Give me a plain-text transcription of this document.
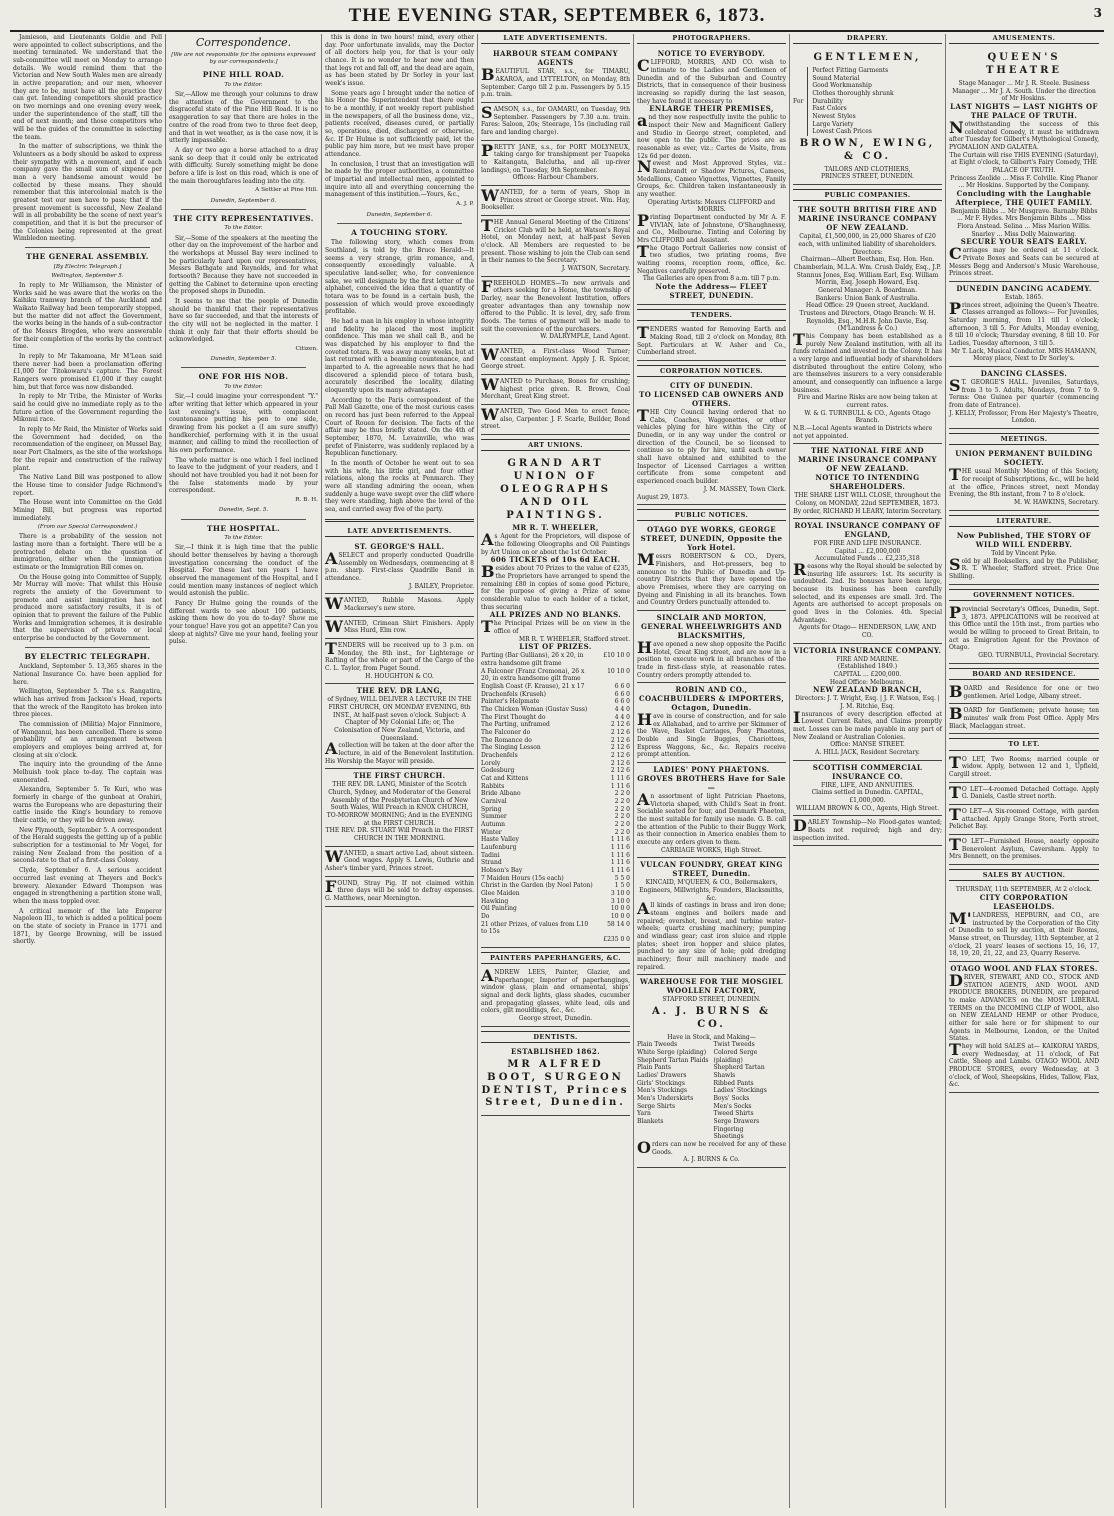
THE EVENING STAR, SEPTEMBER 6, 1873.	3

Jamieson, and Lieutenants Goldie and Pell were appointed to collect subscriptions, and the meeting terminated. We understand that the sub-committee will meet on Monday to arrange details. We would remind them that the Victorian and New South Wales men are already in active preparation; and our men, whoever they are to be, must have all the practice they can get. Intending competitors should practice on two mornings and one evening every week, under the superintendence of the staff, till the end of next month; and those competitors who will be the guides of the committee in selecting the team.

In the matter of subscriptions, we think the Volunteers as a body should be asked to express their sympathy with a movement, and if each company gave the small sum of sixpence per man a very handsome amount would be collected by these means. They should remember that this intercolonial match is the greatest test our men have to pass; that if the present movement is successful, New Zealand will in all probability be the scene of next year's competition, and that it is but the precursor of the Colonies being represented at the great Wimbledon meeting.

THE GENERAL ASSEMBLY.
[By Electric Telegraph.]
Wellington, September 5.

In reply to Mr Williamson, the Minister of Works said he was aware that the works on the Kaihiku tramway branch of the Auckland and Waikato Railway had been temporarily stopped, but the matter did not affect the Government, the works being in the hands of a sub-contractor of the Messrs Brogden, who were answerable for their completion of the works by the contract time.

In reply to Mr Takamoana, Mr M'Lean said there never had been a proclamation offering £1,000 for Titokowaru's capture. The Forest Rangers were promised £1,000 if they caught him, but that force was now disbanded.

In reply to Mr Tribe, the Minister of Works said he could give no immediate reply as to the future action of the Government regarding the Mikonui race.

In reply to Mr Reid, the Minister of Works said the Government had decided, on the recommendation of the engineer, on Mussel Bay, near Port Chalmers, as the site of the workshops for the repair and construction of the railway plant.

The Native Land Bill was postponed to allow the House time to consider Judge Richmond's report.

The House went into Committee on the Gold Mining Bill, but progress was reported immediately.

(From our Special Correspondent.)

There is a probability of the session not lasting more than a fortnight. There will be a protracted debate on the question of immigration, either when the immigration estimate or the Immigration Bill comes on.

On the House going into Committee of Supply, Mr Murray will move: That whilst this House regrets the anxiety of the Government to promote and assist immigration has not produced more satisfactory results, it is of opinion that to prevent the failure of the Public Works and Immigration schemes, it is desirable that the supervision of private or local enterprise be conducted by the Government.

BY ELECTRIC TELEGRAPH.

Auckland, September 5. 13,365 shares in the National Insurance Co. have been applied for here.

Wellington, September 5. The s.s. Rangatira, which has arrived from Jackson's Head, reports that the wreck of the Rangitoto has broken into three pieces.

The commission of (Militia) Major Finnimore, of Wanganui, has been cancelled. There is some probability of an arrangement between employers and employes being arrived at, for closing at six o'clock.

The inquiry into the grounding of the Anne Melhuish took place to-day. The captain was exonerated.

Alexandra, September 5. Te Kuri, who was formerly in charge of the gunboat at Orahiri, warns the Europeans who are depasturing their cattle inside the King's boundary to remove their cattle, or they will be driven away.

New Plymouth, September 5. A correspondent of the Herald suggests the getting up of a public subscription for a testimonial to Mr Vogel, for raising New Zealand from the position of a second-rate to that of a first-class Colony.

Clyde, September 6. A serious accident occurred last evening at Theyers and Bock's brewery. Alexander Edward Thompson was engaged in strengthening a partition stone wall, when the mass toppled over.

A critical memoir of the late Emperor Napoleon III., to which is added a political poem on the state of society in France in 1771 and 1871, by George Browning, will be issued shortly.

Correspondence.
[We are not responsible for the opinions expressed by our correspondents.]
PINE HILL ROAD.
To the Editor.

Sir,—Allow me through your columns to draw the attention of the Government to the disgraceful state of the Pine Hill Road. It is no exaggeration to say that there are holes in the centre of the road from two to three feet deep, and that in wet weather, as is the case now, it is utterly impassable.

A day or two ago a horse attached to a dray sank so deep that it could only be extricated with difficulty. Surely something might be done before a life is lost on this road, which is one of the main thoroughfares leading into the city.

A Settler at Pine Hill.
Dunedin, September 6.
THE CITY REPRESENTATIVES.
To the Editor.

Sir,—Some of the speakers at the meeting the other day on the improvement of the harbor and the workshops at Mussel Bay were inclined to be particularly hard upon our representatives, Messrs Bathgate and Reynolds, and for what fortsooth? Because they have not succeeded in getting the Cabinet to determine upon erecting the proposed shops in Dunedin.

It seems to me that the people of Dunedin should be thankful that their representatives have so far succeeded, and that the interests of the city will not be neglected in the matter. I think it only fair that their efforts should be acknowledged.

Citizen.
Dunedin, September 5.
ONE FOR HIS NOB.
To the Editor.

Sir,—I could imagine your correspondent "Y." after writing that letter which appeared in your last evening's issue, with complacent countenance putting his pen to one side, drawing from his pocket a (I am sure snuffy) handkerchief, performing with it in the usual manner, and calling to mind the recollection of his own performance.

The whole matter is one which I feel inclined to leave to the judgment of your readers, and I should not have troubled you had it not been for the false statements made by your correspondent.

R. B. H.
Dunedin, Sept. 5.
THE HOSPITAL.
To the Editor.

Sir,—I think it is high time that the public should better themselves by having a thorough investigation concerning the conduct of the Hospital. For these last ten years I have observed the management of the Hospital, and I could mention many instances of neglect which would astonish the public.

Fancy Dr Hulme going the rounds of the different wards to see about 100 patients, asking them how do you do to-day? Show me your tongue! Have you got an appetite? Can you sleep at nights? Give me your hand, feeling your pulse.

this is done in two hours! mind, every other day. Poor unfortunate invalids, may the Doctor of all doctors help you, for that is your only chance. It is no wonder to hear now and then that legs rot and fall off, and the dead are again, as has been stated by Dr Sorley in your last week's issue.

Some years ago I brought under the notice of his Honor the Superintendent that there ought to be a monthly, if not weekly report published in the newspapers, of all the business done, viz., patients received, diseases cured, or partially so, operations, died, discharged or otherwise, &c. If Dr Hulme is not sufficiently paid, let the public pay him more, but we must have proper attendance.

In conclusion, I trust that an investigation will be made by the proper authorities, a committee of impartial and intellectual men, appointed to inquire into all and everything concerning the management of this institution.—Yours, &c.,

A. J. P.
Dunedin, September 6.
A TOUCHING STORY.

The following story, which comes from Southland, is told by the Bruce Herald:—It seems a very strange, grim romance, and, consequently exceedingly valuable. A speculative land-seller, who, for convenience sake, we will designate by the first letter of the alphabet, conceived the idea that a quantity of totara was to be found in a certain bush, the possession of which would prove exceedingly profitable.

He had a man in his employ in whose integrity and fidelity he placed the most implicit confidence. This man we shall call B., and he was dispatched by his employer to find the coveted totara. B. was away many weeks, but at last returned with a beaming countenance, and imparted to A. the agreeable news that he had discovered a splendid piece of totara bush, accurately described the locality, dilating eloquently upon its many advantages.

According to the Paris correspondent of the Pall Mall Gazette, one of the most curious cases on record has just been referred to the Appeal Court of Rouen for decision. The facts of the affair may be thus briefly stated. On the 4th of September, 1870, M. Levainville, who was prefet of Finisterre, was suddenly replaced by a Republican functionary.

In the month of October he went out to sea with his wife, his little girl, and four other relations, along the rocks at Penmarch. They were all standing admiring the ocean, when suddenly a huge wave swept over the cliff where they were standing, high above the level of the sea, and carried away five of the party.

LATE ADVERTISEMENTS.
ST. GEORGE'S HALL.
ASELECT and properly conducted Quadrille Assembly on Wednesdays, commencing at 8 p.m. sharp. First-class Quadrille Band in attendance.
J. BAILEY, Proprietor.
WANTED, Rubble Masons. Apply Mackersey's new store.
WANTED, Crimean Shirt Finishers. Apply Miss Hurd, Elm row.
TENDERS will be received up to 3 p.m. on Monday, the 8th inst., for Lighterage or Rafting of the whole or part of the Cargo of the C. L. Taylor, from Puget Sound.
H. HOUGHTON & CO.
THE REV. DR LANG,
of Sydney, WILL DELIVER A LECTURE IN THE FIRST CHURCH, ON MONDAY EVENING, 8th INST., At half-past seven o'clock. Subject: A Chapter of My Colonial Life; or, The Colonisation of New Zealand, Victoria, and Queensland.
Acollection will be taken at the door after the lecture, in aid of the Benevolent Institution. His Worship the Mayor will preside.
THE FIRST CHURCH.
THE REV. DR. LANG, Minister of the Scotch Church, Sydney, and Moderator of the General Assembly of the Presbyterian Church of New South Wales, Will Preach in KNOX CHURCH, TO-MORROW MORNING; And in the EVENING at the FIRST CHURCH.
THE REV. DR. STUART Will Preach in the FIRST CHURCH IN THE MORNING.
WANTED, a smart active Lad, about sixteen. Good wages. Apply S. Lewis, Guthrie and Asher's timber yard, Princes street.
FOUND, Stray Pig. If not claimed within three days will be sold to defray expenses. G. Matthews, near Mornington.
LATE ADVERTISEMENTS.
HARBOUR STEAM COMPANY AGENTS
BEAUTIFUL STAR, s.s., for TIMARU, AKAROA, and LYTTELTON, on Monday, 8th September. Cargo till 2 p.m. Passengers by 5.15 p.m. train.
SAMSON, s.s., for OAMARU, on Tuesday, 9th September. Passengers by 7.30 a.m. train. Fares: Saloon, 20s; Steerage, 15s (including rail fare and landing charge).
PRETTY JANE, s.s., for PORT MOLYNEUX, taking cargo for transhipment per Tuapeka to Kaitangata, Balclutha, and all up-river landings), on Tuesday, 9th September.
Offices: Harbour Chambers.
WANTED, for a term of years, Shop in Princes street or George street. Wm. Hay, Bookseller.
THE Annual General Meeting of the Citizens' Cricket Club will be held, at Watson's Royal Hotel, on Monday next, at half-past Seven o'clock. All Members are requested to be present. Those wishing to join the Club can send in their names to the Secretary.
J. WATSON, Secretary.
FREEHOLD HOMES—To new arrivals and others seeking for a Home, the township of Darley, near the Benevolent Institution, offers greater advantages than any township now offered to the Public. It is level, dry, safe from floods. The terms of payment will be made to suit the convenience of the purchasers.
W. DALRYMPLE, Land Agent.
WANTED, a First-class Wood Turner; constant employment. Apply J. R. Spicer, George street.
WANTED to Purchase, Bones for crushing; highest price given. R. Brown, Coal Merchant, Great King street.
WANTED, Two Good Men to erect fence; also, Carpenter. J. F. Scarle, Builder, Bond street.
ART UNIONS.
GRAND ART UNION OF OLEOGRAPHS AND OIL PAINTINGS.
MR R. T. WHEELER,
As Agent for the Proprietors, will dispose of the following Oleographs and Oil Paintings by Art Union on or about the 1st October.
606 TICKETS of 10s 6d EACH.
Besides about 70 Prizes to the value of £235, the Proprietors have arranged to spend the remaining £80 in copies of some good Picture, for the purpose of giving a Prize of some considerable value to each holder of a ticket, thus securing
ALL PRIZES AND NO BLANKS.
The Principal Prizes will be on view in the office of
MR R. T. WHEELER, Stafford street.
LIST OF PRIZES.
Parting (Bar Gullians), 26 x 20, in extra handsome gilt frame
£10 10 0
A Falconer (Franz Cremona), 26 x 20, in extra handsome gilt frame
10 10 0
English Coast (F. Krause), 21 x 17	6 6 0
Drachenfels (Kruseh)	6 6 0
Painter's Helpmate	6 6 0
The Chicken Woman (Gustav Suss)	4 4 0
The First Thought do	4 4 0
The Parting, unframed	2 12 6
The Falconer do	2 12 6
The Romance do	2 12 6
The Singing Lesson	2 12 6
Drachenfels	2 12 6
Lorely	2 12 6
Godesburg	2 12 6
Cat and Kittens	1 11 6
Rabbits	1 11 6
Bride Albano	2 2 0
Carnival	2 2 0
Spring	2 2 0
Summer	2 2 0
Autumn	2 2 0
Winter	2 2 0
Haste Valley	1 11 6
Laufenburg	1 11 6
Tadini	1 11 6
Strand	1 11 6
Hobson's Bay	1 11 6
7 Maiden Hours (15s each)	5 5 0
Christ in the Garden (by Noel Paton)	1 5 0
Glee Maiden	3 10 0
Hawking	3 10 0
Oil Painting	10 0 0
Do	10 0 0
21 other Prizes, of values from L10 to 15s
58 14 0
£235 0 0
PAINTERS PAPERHANGERS, &C.
ANDREW LEES, Painter, Glazier, and Paperhanger, Importer of paperhangings, window glass, plain and ornamental, ships' signal and deck lights, glass shades, cucumber and propagating glasses, white lead, oils and colors, gilt mouldings, &c., &c.
George street, Dunedin.
DENTISTS.
ESTABLISHED 1862.
MR ALFRED BOOT, SURGEON DENTIST, Princes Street, Dunedin.
PHOTOGRAPHERS.
NOTICE TO EVERYBODY.
CLIFFORD, MORRIS, AND CO. wish to intimate to the Ladies and Gentlemen of Dunedin and of the Suburban and Country Districts, that in consequence of their business increasing so rapidly during the last season, they have found it necessary to
ENLARGE THEIR PREMISES,
and they now respectfully invite the public to inspect their New and Magnificent Gallery and Studio in George street, completed, and now open to the public. The prices are as reasonable as ever, viz.: Cartes de Visite, from 12s 6d per dozen.
Newest and Most Approved Styles, viz.: Rembrandt or Shadow Pictures, Cameos, Medallions, Cameo Vignettes, Vignettes, Family Groups, &c. Children taken instantaneously in any weather.
Operating Artists: Messrs CLIFFORD and MORRIS.
Printing Department conducted by Mr A. F. VIVIAN, late of Johnstone, O'Shaughnessy, and Co., Melbourne. Tinting and Coloring by Mrs CLIFFORD and Assistant.
The Otago Portrait Galleries now consist of two studios, two printing rooms, five waiting rooms, reception room, office, &c. Negatives carefully preserved.
The Galleries are open from 8 a.m. till 7 p.m.
Note the Address— FLEET STREET, DUNEDIN.
TENDERS.
TENDERS wanted for Removing Earth and Making Road, till 2 o'clock on Monday, 8th Sept. Particulars at W. Asher and Co., Cumberland street.
CORPORATION NOTICES.
CITY OF DUNEDIN.
TO LICENSED CAB OWNERS AND OTHERS.
THE City Council having ordered that no Cabs, Coaches, Waggonettes, or other vehicles plying for hire within the City of Dunedin, or in any way under the control or direction of the Council, be so licensed to continue so to ply for hire, until each owner shall have obtained and exhibited to the Inspector of Licensed Carriages a written certificate from some competent and experienced coach builder.
J. M. MASSEY, Town Clerk.
August 29, 1873.
PUBLIC NOTICES.
OTAGO DYE WORKS, GEORGE STREET, DUNEDIN, Opposite the York Hotel.
Messrs ROBERTSON & CO., Dyers, Finishers, and Hot-pressers, beg to announce to the Public of Dunedin and Up-country Districts that they have opened the above Premises, where they are carrying on Dyeing and Finishing in all its branches. Town and Country Orders punctually attended to.
SINCLAIR AND MORTON, GENERAL WHEELWRIGHTS AND BLACKSMITHS,
Have opened a new shop opposite the Pacific Hotel, Great King street, and are now in a position to execute work in all branches of the trade in first-class style, at reasonable rates. Country orders promptly attended to.
ROBIN AND CO., COACHBUILDERS & IMPORTERS, Octagon, Dunedin.
Have in course of construction, and for sale ex Allahabad, and to arrive per Skimmer of the Wave, Basket Carriages, Pony Phaetons, Double and Single Buggies, Chariottees, Express Waggons, &c., &c. Repairs receive prompt attention.
LADIES' PONY PHAETONS.
GROVES BROTHERS Have for Sale—
An assortment of light Patrician Phaetons, Victoria shaped, with Child's Seat in front. Sociable seated for four, and Denmark Phaeton, the most suitable for family use made. G. B. call the attention of the Public to their Buggy Work, as their connection in America enables them to execute any orders given to them.
CARRIAGE WORKS, High Street.
VULCAN FOUNDRY, GREAT KING STREET, Dunedin.
KINCAID, M'QUEEN, & CO., Boilermakers, Engineers, Millwrights, Founders, Blacksmiths, &c.
All kinds of castings in brass and iron done; steam engines and boilers made and repaired; overshot, breast, and turbine water-wheels; quartz crushing machinery; pumping and windlass gear; cast iron sluice and ripple plates; sheet iron hopper and sluice plates, punched to any size of hole; gold dredging machinery; flour mill machinery made and repaired.
WAREHOUSE FOR THE MOSGIEL WOOLLEN FACTORY,
STAFFORD STREET, DUNEDIN.
A. J. BURNS & CO.
Have in Stock, and Making—
Plain Tweeds
White Serge (plaiding)
Shepherd Tartan Plaids
Plain Pants
Ladies' Drawers
Girls' Stockings
Men's Stockings
Men's Underskirts
Serge Shirts
Yarn
Blankets
Twist Tweeds
Colored Serge (plaiding)
Shepherd Tartan Shawls
Ribbed Pants
Ladies' Stockings
Boys' Socks
Men's Socks
Tweed Shirts
Serge Drawers
Fingering
Sheetings
Orders can now be received for any of these Goods.
A. J. BURNS & Co.
DRAPERY.
GENTLEMEN,
For
Perfect Fitting Garments
Sound Material
Good Workmanship
Clothes thoroughly shrunk
Durability
Fast Colors
Newest Styles
Large Variety
Lowest Cash Prices
BROWN, EWING, & CO.
TAILORS AND CLOTHIERS,
PRINCES STREET, DUNEDIN.
PUBLIC COMPANIES.
THE SOUTH BRITISH FIRE AND MARINE INSURANCE COMPANY OF NEW ZEALAND.
Capital, £1,500,000, in 25,000 Shares of £20 each, with unlimited liability of shareholders.
Directors:
Chairman—Albert Beetham, Esq. Hon. Hen. Chamberlain, M.L.A. Wm. Crush Daldy, Esq., J.P. Stannus Jones, Esq. William Earl, Esq. William Morrin, Esq. Joseph Howard, Esq.
General Manager: A. Boardman.
Bankers: Union Bank of Australia.
Head Office: 29 Queen street, Auckland.
Trustees and Directors, Otago Branch: W. H. Reynolds, Esq., M.H.R. John Davie, Esq. (M'Landress & Co.)
This Company has been established as a purely New Zealand institution, with all its funds retained and invested in the Colony. It has a very large and influential body of shareholders distributed throughout the entire Colony, who are themselves insurers to a very considerable amount, and consequently can influence a large business.
Fire and Marine Risks are now being taken at current rates.
W. & G. TURNBULL & CO., Agents Otago Branch.
N.B.—Local Agents wanted in Districts where not yet appointed.
THE NATIONAL FIRE AND MARINE INSURANCE COMPANY OF NEW ZEALAND.
NOTICE TO INTENDING SHAREHOLDERS.
THE SHARE LIST WILL CLOSE, throughout the Colony, on MONDAY, 22nd SEPTEMBER, 1873.
By order, RICHARD H LEARY, Interim Secretary.
ROYAL INSURANCE COMPANY OF ENGLAND,
FOR FIRE AND LIFE INSURANCE.
Capital ... £2,000,000
Accumulated Funds ... £2,235,318
Reasons why the Royal should be selected by insuring life assurers: 1st. Its security is undoubted. 2nd. Its bonuses have been large, because its business has been carefully selected, and its expenses are small. 3rd. The Agents are authorised to accept proposals on good lives in the Colonies. 4th. Special Advantage.
Agents for Otago— HENDERSON, LAW, AND CO.
VICTORIA INSURANCE COMPANY.
FIRE AND MARINE.
(Established 1849.)
CAPITAL ... £200,000.
Head Office: Melbourne.
NEW ZEALAND BRANCH,
Directors: J. T. Wright, Esq. | J. F. Watson, Esq. | J. M. Ritchie, Esq.
Insurances of every description effected at Lowest Current Rates, and Claims promptly met. Losses can be made payable in any part of New Zealand or Australian Colonies.
Office: MANSE STREET.
A. HILL JACK, Resident Secretary.
SCOTTISH COMMERCIAL INSURANCE CO.
FIRE, LIFE, AND ANNUITIES.
Claims settled in Dunedin. CAPITAL, £1,000,000.
WILLIAM BROWN & CO., Agents, High Street.
DARLEY Township—No Flood-gates wanted; Boats not required; high and dry; inspection invited.
AMUSEMENTS.
QUEEN'S THEATRE
Stage Manager ... Mr J. R. Steele. Business Manager ... Mr J. A. South. Under the direction of Mr Hoskins.
LAST NIGHTS — LAST NIGHTS OF THE PALACE OF TRUTH.
Notwithstanding the success of this celebrated Comedy, it must be withdrawn after Tuesday for Gilbert's Mythological Comedy, PYGMALION AND GALATEA.
The Curtain will rise THIS EVENING (Saturday), at Eight o'clock, to Gilbert's Fairy Comedy, THE PALACE OF TRUTH.
Princess Zeolide ... Miss F. Colville. King Phanor ... Mr Hoskins. Supported by the Company.
Concluding with the Laughable Afterpiece, THE QUIET FAMILY.
Benjamin Bibbs ... Mr Musgrave. Barnaby Bibbs ... Mr F. Hydes. Mrs Benjamin Bibbs ... Miss Flora Anstead. Selina ... Miss Marion Willis. Snarley ... Miss Dolly Mainwaring.
SECURE YOUR SEATS EARLY.
Carriages may be ordered at 11 o'clock. Private Boxes and Seats can be secured at Messrs Begg and Anderson's Music Warehouse, Princes street.
DUNEDIN DANCING ACADEMY.
Estab. 1865.
Princes street, adjoining the Queen's Theatre. Classes arranged as follows:— For Juveniles, Saturday morning, from 11 till 1 o'clock; afternoon, 3 till 5. For Adults, Monday evening, 8 till 10 o'clock; Thursday evening, 8 till 10. For Ladies, Tuesday afternoon, 3 till 5.
Mr T. Lack, Musical Conductor. MRS HAMANN, Moray place, Next to Dr Sorley's.
DANCING CLASSES.
ST. GEORGE'S HALL. Juveniles, Saturdays, from 3 to 5. Adults, Mondays, from 7 to 9. Terms: One Guinea per quarter (commencing from date of Entrance).
J. KELLY, Professor, From Her Majesty's Theatre, London.
MEETINGS.
UNION PERMANENT BUILDING SOCIETY.
THE usual Monthly Meeting of this Society, for receipt of Subscriptions, &c., will be held at the office, Princes street, next Monday Evening, the 8th instant, from 7 to 8 o'clock.
M. W. HAWKINS, Secretary.
LITERATURE.
Now Published, THE STORY OF WILD WILL ENDERBY.
Told by Vincent Pyke.
Sold by all Booksellers, and by the Publisher, R. T. Wheeler, Stafford street. Price One Shilling.
GOVERNMENT NOTICES.
Provincial Secretary's Offices, Dunedin, Sept. 3, 1873. APPLICATIONS will be received at this Office until the 15th inst., from parties who would be willing to proceed to Great Britain, to act as Emigration Agent for the Province of Otago.
GEO. TURNBULL, Provincial Secretary.
BOARD AND RESIDENCE.
BOARD and Residence for one or two gentlemen. Ariel Lodge, Albany street.
BOARD for Gentlemen; private house; ten minutes' walk from Post Office. Apply Mrs Black, Maclaggan street.
TO LET.
TO LET, Two Rooms; married couple or widow. Apply, between 12 and 1, Upfield, Cargill street.
TO LET—4-roomed Detached Cottage. Apply G. Daniels, Castle street north.
TO LET—A Six-roomed Cottage, with garden attached. Apply Grange Store, Forth street, Pelichet Bay.
TO LET—Furnished House, nearly opposite Benevolent Asylum, Caversham. Apply to Mrs Bennett, on the premises.
SALES BY AUCTION.
THURSDAY, 11th SEPTEMBER, At 2 o'clock.
CITY CORPORATION LEASEHOLDS.
M'LANDRESS, HEPBURN, and CO., are instructed by the Corporation of the City of Dunedin to sell by auction, at their Rooms, Manse street, on Thursday, 11th September, at 2 o'clock, 21 years' leases of sections 15, 16, 17, 18, 19, 20, 21, 22, and 23, Quarry Reserve.
OTAGO WOOL AND FLAX STORES.
DRIVER, STEWART, AND CO., STOCK AND STATION AGENTS, AND WOOL AND PRODUCE BROKERS, DUNEDIN, are prepared to make ADVANCES on the MOST LIBERAL TERMS on the INCOMING CLIP of WOOL, also on NEW ZEALAND HEMP or other Produce, either for sale here or for shipment to our Agents in Melbourne, London, or the United States.
They will hold SALES at— KAIKORAI YARDS, every Wednesday, at 11 o'clock, of Fat Cattle, Sheep and Lambs. OTAGO WOOL AND PRODUCE STORES, every Wednesday, at 3 o'clock, of Wool, Sheepskins, Hides, Tallow, Flax, &c.
